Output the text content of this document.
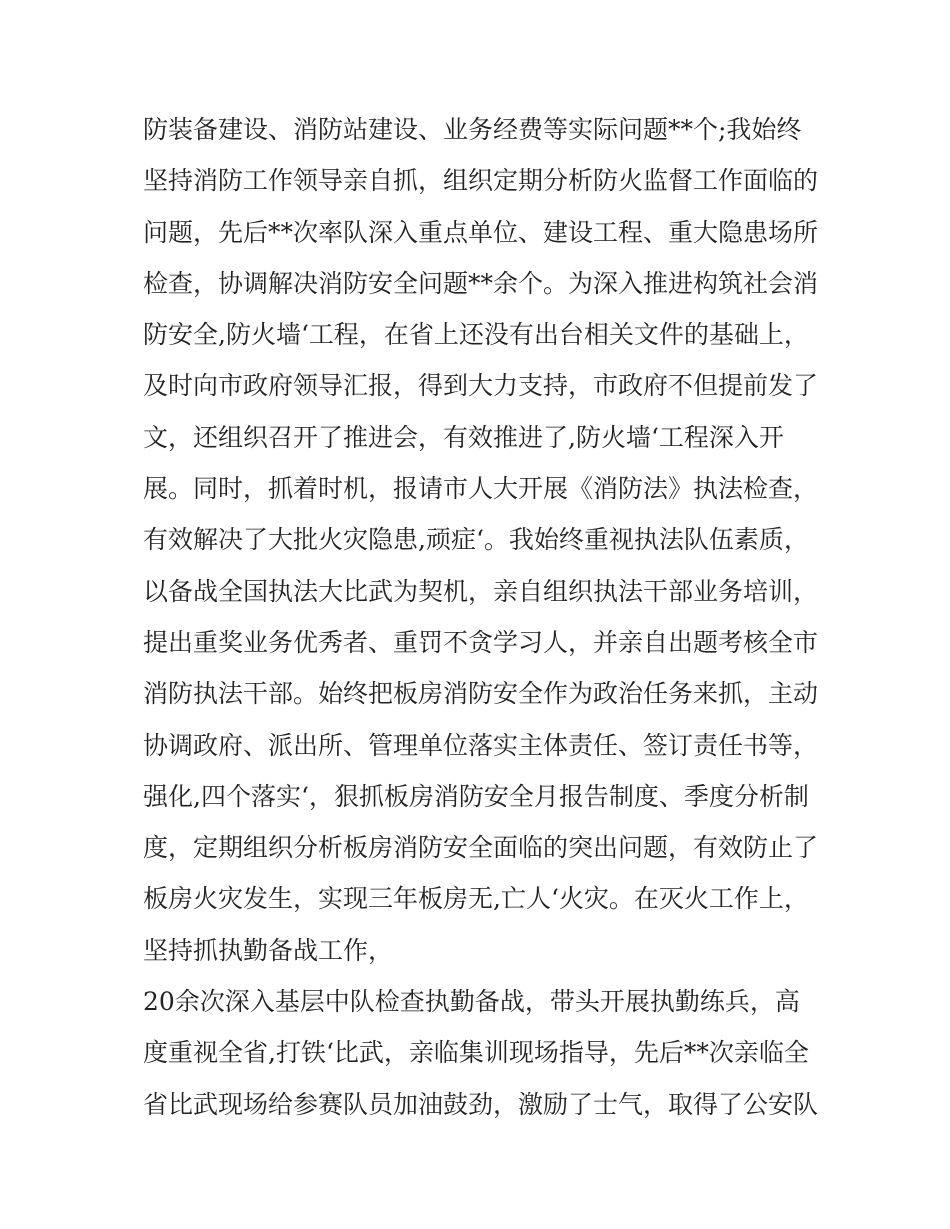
防装备建设、消防站建设、业务经费等实际问题**个;我始终
坚持消防工作领导亲自抓，组织定期分析防火监督工作面临的
问题，先后**次率队深入重点单位、建设工程、重大隐患场所
检查，协调解决消防安全问题**余个。为深入推进构筑社会消
防安全,防火墙‘工程，在省上还没有出台相关文件的基础上，
及时向市政府领导汇报，得到大力支持，市政府不但提前发了
文，还组织召开了推进会，有效推进了,防火墙‘工程深入开
展。同时，抓着时机，报请市人大开展《消防法》执法检查，
有效解决了大批火灾隐患,顽症‘。我始终重视执法队伍素质，
以备战全国执法大比武为契机，亲自组织执法干部业务培训，
提出重奖业务优秀者、重罚不贪学习人，并亲自出题考核全市
消防执法干部。始终把板房消防安全作为政治任务来抓，主动
协调政府、派出所、管理单位落实主体责任、签订责任书等，
强化,四个落实‘，狠抓板房消防安全月报告制度、季度分析制
度，定期组织分析板房消防安全面临的突出问题，有效防止了
板房火灾发生，实现三年板房无,亡人‘火灾。在灭火工作上，
坚持抓执勤备战工作，
20余次深入基层中队检查执勤备战，带头开展执勤练兵，高
度重视全省,打铁‘比武，亲临集训现场指导，先后**次亲临全
省比武现场给参赛队员加油鼓劲，激励了士气，取得了公安队
